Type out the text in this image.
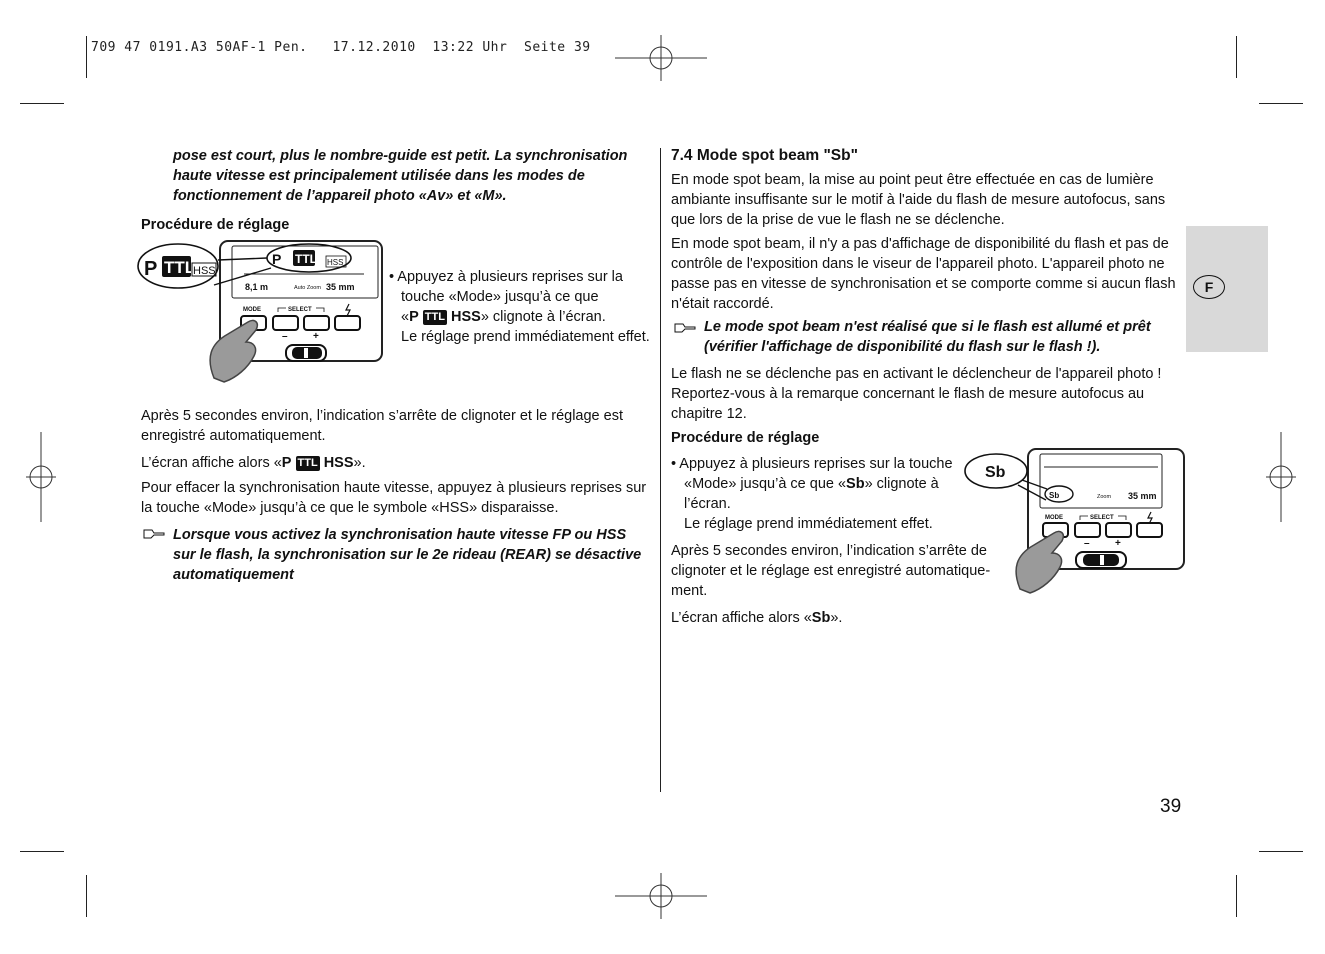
709 47 0191.A3 50AF-1 Pen.   17.12.2010  13:22 Uhr  Seite 39
F
pose est court, plus le nombre-guide est petit. La synchronisation haute vitesse est principalement utilisée dans les modes de fonctionnement de l’appareil photo «Av» et «M».
Procédure de réglage
P TTL
HSS
P TTL HSS
8,1 m	Auto Zoom 35 mm
MODE	SELECT
–	+

• Appuyez à plusieurs reprises sur la

touche «Mode» jusqu’à ce que

«P TTL HSS» clignote à l’écran.

Le réglage prend immédiatement effet.

Après 5 secondes environ, l’indication s’arrête de clignoter et le réglage est enregistré automatiquement.
L’écran affiche alors «P TTL HSS».
Pour effacer la synchronisation haute vitesse, appuyez à plusieurs reprises sur la touche «Mode» jusqu’à ce que le symbole «HSS» disparaisse.
Lorsque vous activez la synchronisation haute vitesse FP ou HSS sur le flash, la synchronisation sur le 2e rideau (REAR) se désactive automatiquement
7.4 Mode spot beam "Sb"
En mode spot beam, la mise au point peut être effectuée en cas de lumière ambiante insuffisante sur le motif à l'aide du flash de mesure autofocus, sans que lors de la prise de vue le flash ne se déclenche.
En mode spot beam, il n'y a pas d'affichage de disponibilité du flash et pas de contrôle de l'exposition dans le viseur de l'appareil photo. L'appareil photo ne passe pas en vitesse de synchronisation et se comporte comme si aucun flash n'était raccordé.
Le mode spot beam n'est réalisé que si le flash est allumé et prêt (vérifier l'affichage de disponibilité du flash sur le flash !).
Le flash ne se déclenche pas en activant le déclencheur de l'appareil photo ! Reportez-vous à la remarque concernant le flash de mesure autofocus au chapitre 12.
Procédure de réglage

• Appuyez à plusieurs reprises sur la touche «Mode» jusqu’à ce que «Sb» clignote à l’écran.

Le réglage prend immédiatement effet.

Après 5 secondes environ, l’indication s’arrête de clignoter et le réglage est enregistré automatique-ment.
L’écran affiche alors «Sb».
Sb
Sb	Zoom 35 mm
MODE	SELECT
–	+
39
